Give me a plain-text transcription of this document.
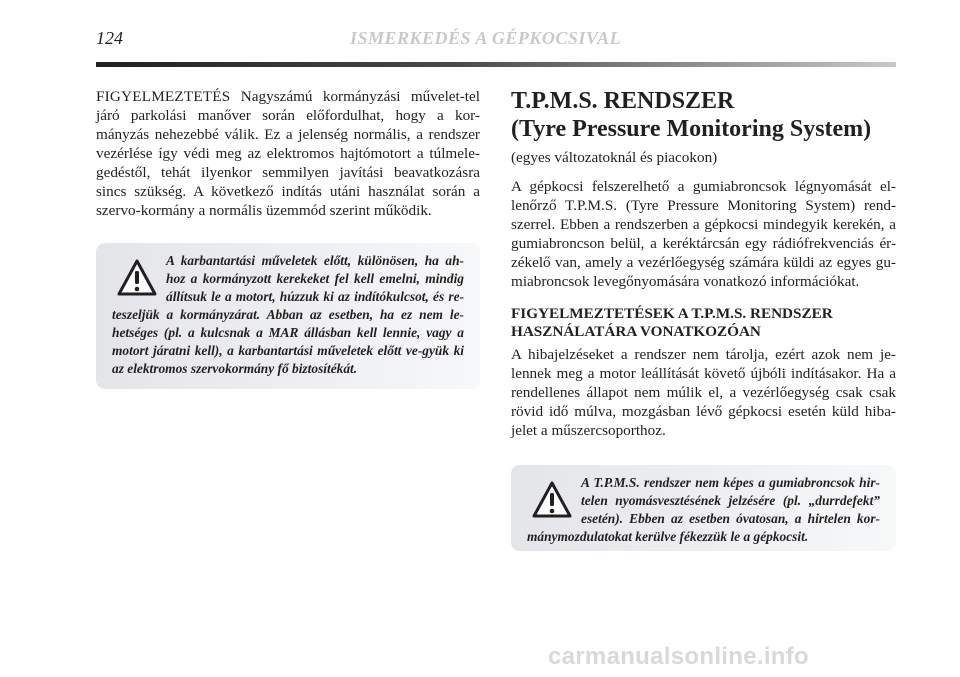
124	ISMERKEDÉS A GÉPKOCSIVAL

FIGYELMEZTETÉS Nagyszámú kormányzási művelet-tel járó parkolási manőver során előfordulhat, hogy a kor-mányzás nehezebbé válik. Ez a jelenség normális, a rendszer vezérlése így védi meg az elektromos hajtómotort a túlmele-gedéstől, tehát ilyenkor semmilyen javítási beavatkozásra sincs szükség. A következő indítás utáni használat során a szervo-kormány a normális üzemmód szerint működik.

A karbantartási műveletek előtt, különösen, ha ah-hoz a kormányzott kerekeket fel kell emelni, mindig állítsuk le a motort, húzzuk ki az indítókulcsot, és re-teszeljük a kormányzárat. Abban az esetben, ha ez nem le-hetséges (pl. a kulcsnak a MAR állásban kell lennie, vagy a motort járatni kell), a karbantartási műveletek előtt ve-gyük ki az elektromos szervokormány fő biztosítékát.
T.P.M.S. RENDSZER
(Tyre Pressure Monitoring System)

(egyes változatoknál és piacokon)

A gépkocsi felszerelhető a gumiabroncsok légnyomását el-lenőrző T.P.M.S. (Tyre Pressure Monitoring System) rend-szerrel. Ebben a rendszerben a gépkocsi mindegyik kerekén, a gumiabroncson belül, a keréktárcsán egy rádiófrekvenciás ér-zékelő van, amely a vezérlőegység számára küldi az egyes gu-miabroncsok levegőnyomására vonatkozó információkat.

FIGYELMEZTETÉSEK A T.P.M.S. RENDSZER HASZNÁLATÁRA VONATKOZÓAN

A hibajelzéseket a rendszer nem tárolja, ezért azok nem je-lennek meg a motor leállítását követő újbóli indításakor. Ha a rendellenes állapot nem múlik el, a vezérlőegység csak csak rövid idő múlva, mozgásban lévő gépkocsi esetén küld hiba-jelet a műszercsoporthoz.

A T.P.M.S. rendszer nem képes a gumiabroncsok hir-telen nyomásvesztésének jelzésére (pl. „durrdefekt” esetén). Ebben az esetben óvatosan, a hirtelen kor-mánymozdulatokat kerülve fékezzük le a gépkocsit.
carmanualsonline.info
